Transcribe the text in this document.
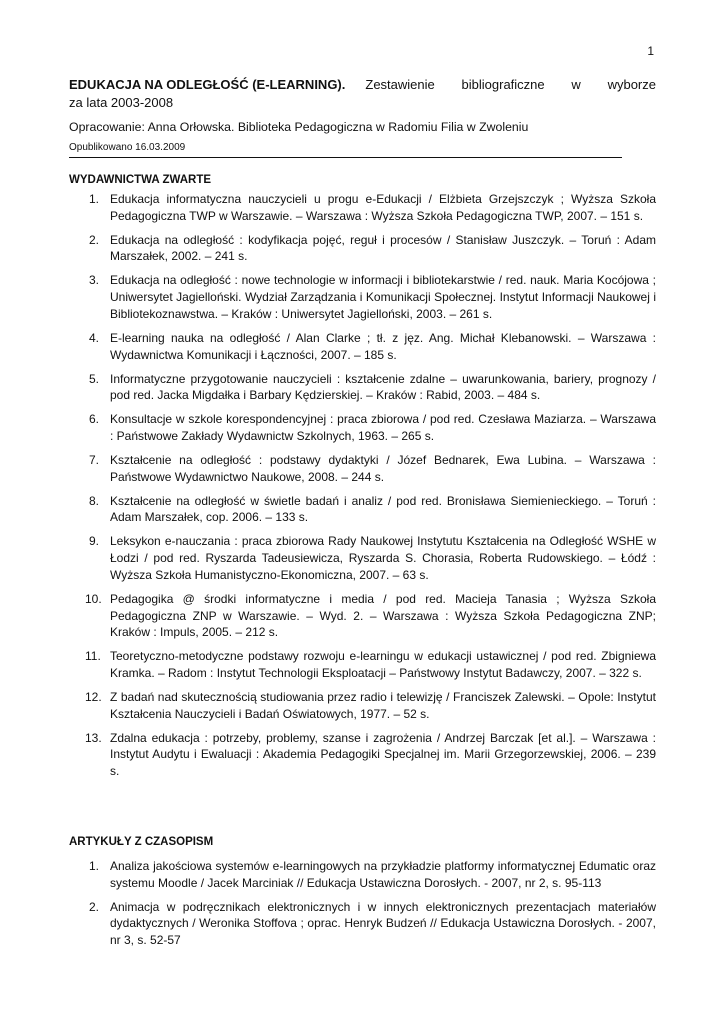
1
EDUKACJA NA ODLEGŁOŚĆ (E-LEARNING). Zestawienie bibliograficzne w wyborze
za lata 2003-2008
Opracowanie: Anna Orłowska. Biblioteka Pedagogiczna w Radomiu Filia w Zwoleniu
Opublikowano 16.03.2009
WYDAWNICTWA ZWARTE
1. Edukacja informatyczna nauczycieli u progu e-Edukacji / Elżbieta Grzejszczyk ; Wyższa Szkoła Pedagogiczna TWP w Warszawie. – Warszawa : Wyższa Szkoła Pedagogiczna TWP, 2007. – 151 s.
2. Edukacja na odległość : kodyfikacja pojęć, reguł i procesów / Stanisław Juszczyk. – Toruń : Adam Marszałek, 2002. – 241 s.
3. Edukacja na odległość : nowe technologie w informacji i bibliotekarstwie / red. nauk. Maria Kocójowa ; Uniwersytet Jagielloński. Wydział Zarządzania i Komunikacji Społecznej. Instytut Informacji Naukowej i Bibliotekoznawstwa. – Kraków : Uniwersytet Jagielloński, 2003. – 261 s.
4. E-learning nauka na odległość / Alan Clarke ; tł. z jęz. Ang. Michał Klebanowski. – Warszawa : Wydawnictwa Komunikacji i Łączności, 2007. – 185 s.
5. Informatyczne przygotowanie nauczycieli : kształcenie zdalne – uwarunkowania, bariery, prognozy / pod red. Jacka Migdałka i Barbary Kędzierskiej. – Kraków : Rabid, 2003. – 484 s.
6. Konsultacje w szkole korespondencyjnej : praca zbiorowa / pod red. Czesława Maziarza. – Warszawa : Państwowe Zakłady Wydawnictw Szkolnych, 1963. – 265 s.
7. Kształcenie na odległość : podstawy dydaktyki / Józef Bednarek, Ewa Lubina. – Warszawa : Państwowe Wydawnictwo Naukowe, 2008. – 244 s.
8. Kształcenie na odległość w świetle badań i analiz / pod red. Bronisława Siemienieckiego. – Toruń : Adam Marszałek, cop. 2006. – 133 s.
9. Leksykon e-nauczania : praca zbiorowa Rady Naukowej Instytutu Kształcenia na Odległość WSHE w Łodzi / pod red. Ryszarda Tadeusiewicza, Ryszarda S. Chorasia, Roberta Rudowskiego. – Łódź : Wyższa Szkoła Humanistyczno-Ekonomiczna, 2007. – 63 s.
10. Pedagogika @ środki informatyczne i media / pod red. Macieja Tanasia ; Wyższa Szkoła Pedagogiczna ZNP w Warszawie. – Wyd. 2. – Warszawa : Wyższa Szkoła Pedagogiczna ZNP; Kraków : Impuls, 2005. – 212 s.
11. Teoretyczno-metodyczne podstawy rozwoju e-learningu w edukacji ustawicznej / pod red. Zbigniewa Kramka. – Radom : Instytut Technologii Eksploatacji – Państwowy Instytut Badawczy, 2007. – 322 s.
12. Z badań nad skutecznością studiowania przez radio i telewizję / Franciszek Zalewski. – Opole: Instytut Kształcenia Nauczycieli i Badań Oświatowych, 1977. – 52 s.
13. Zdalna edukacja : potrzeby, problemy, szanse i zagrożenia / Andrzej Barczak [et al.]. – Warszawa : Instytut Audytu i Ewaluacji : Akademia Pedagogiki Specjalnej im. Marii Grzegorzewskiej, 2006. – 239 s.
ARTYKUŁY Z CZASOPISM
1. Analiza jakościowa systemów e-learningowych na przykładzie platformy informatycznej Edumatic oraz systemu Moodle / Jacek Marciniak // Edukacja Ustawiczna Dorosłych. - 2007, nr 2, s. 95-113
2. Animacja w podręcznikach elektronicznych i w innych elektronicznych prezentacjach materiałów dydaktycznych / Weronika Stoffova ; oprac. Henryk Budzeń // Edukacja Ustawiczna Dorosłych. - 2007, nr 3, s. 52-57
